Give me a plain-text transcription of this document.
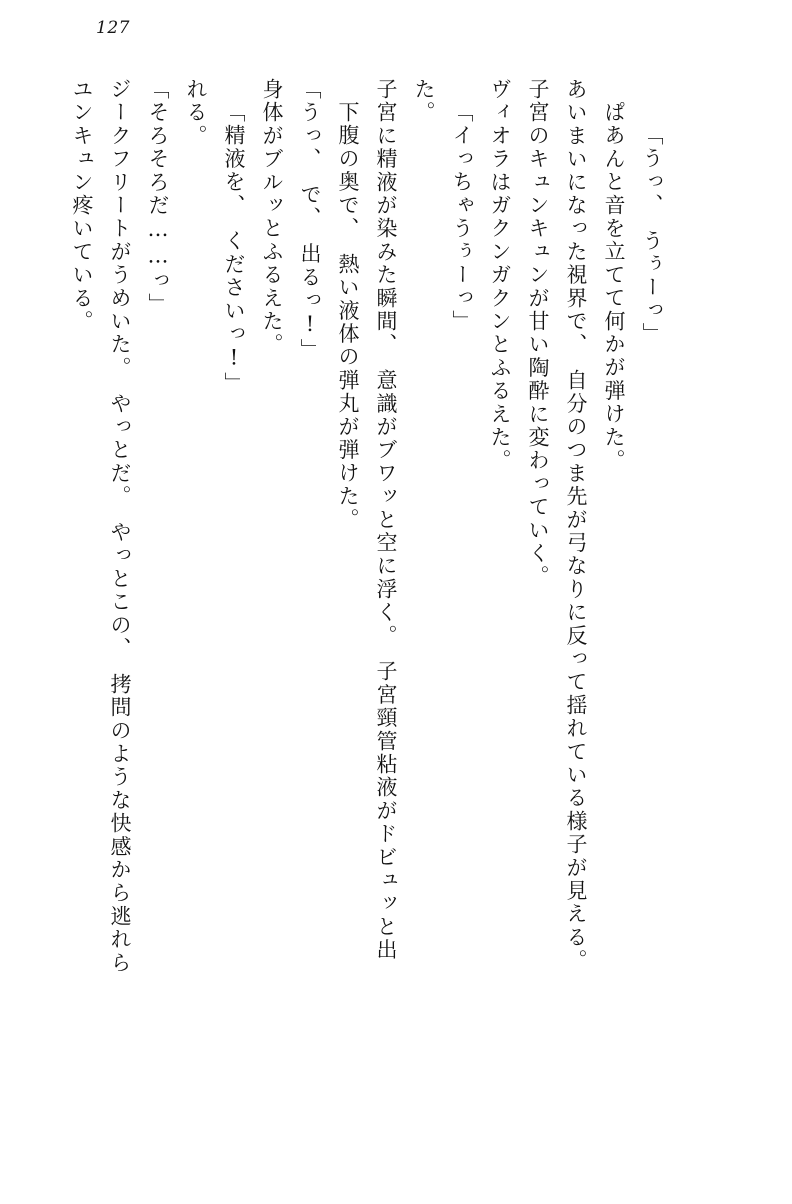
127
ユンキュン疼いている。 ジークフリートがうめいた。　やっとだ。　やっとこの、　拷問のような快感から逃れら 「そろそろだ……っ」 れる。 「精液を、　くださいっ!」 身体がブルッとふるえた。 「うっ、　で、　出るっ!」 下腹の奥で、　熱い液体の弾丸が弾けた。 子宮に精液が染みた瞬間、　意識がブワッと空に浮く。　子宮頸管粘液がドビュッと出 た。 「イっちゃうぅーっ」 ヴィオラはガクンガクンとふるえた。 子宮のキュンキュンが甘い陶酔に変わっていく。 あいまいになった視界で、　自分のつま先が弓なりに反って揺れている様子が見える。 ぱあんと音を立てて何かが弾けた。 「うっ、　うぅーっ」
